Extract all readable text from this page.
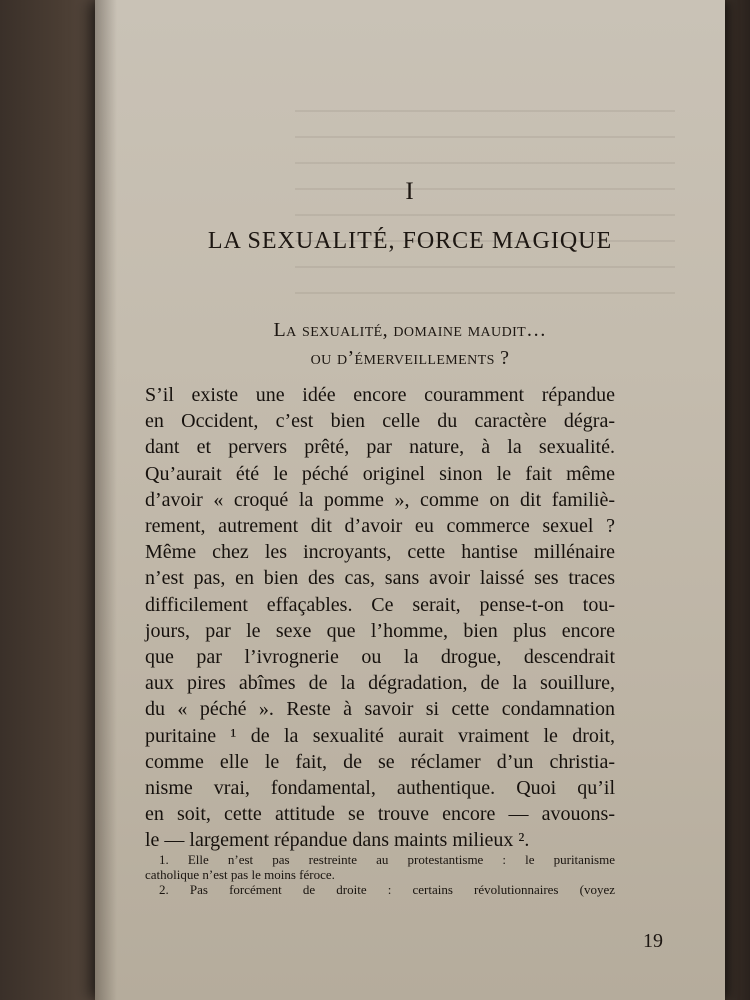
I
LA SEXUALITÉ, FORCE MAGIQUE
La sexualité, domaine maudit…
ou d’émerveillements ?
S’il existe une idée encore couramment répandue
en Occident, c’est bien celle du caractère dégra-
dant et pervers prêté, par nature, à la sexualité.
Qu’aurait été le péché originel sinon le fait même
d’avoir « croqué la pomme », comme on dit familiè-
rement, autrement dit d’avoir eu commerce sexuel ?
Même chez les incroyants, cette hantise millénaire
n’est pas, en bien des cas, sans avoir laissé ses traces
difficilement effaçables. Ce serait, pense-t-on tou-
jours, par le sexe que l’homme, bien plus encore
que par l’ivrognerie ou la drogue, descendrait
aux pires abîmes de la dégradation, de la souillure,
du « péché ». Reste à savoir si cette condamnation
puritaine ¹ de la sexualité aurait vraiment le droit,
comme elle le fait, de se réclamer d’un christia-
nisme vrai, fondamental, authentique. Quoi qu’il
en soit, cette attitude se trouve encore — avouons-
le — largement répandue dans maints milieux ².
1. Elle n’est pas restreinte au protestantisme : le puritanisme
catholique n’est pas le moins féroce.
2. Pas forcément de droite : certains révolutionnaires (voyez
19
